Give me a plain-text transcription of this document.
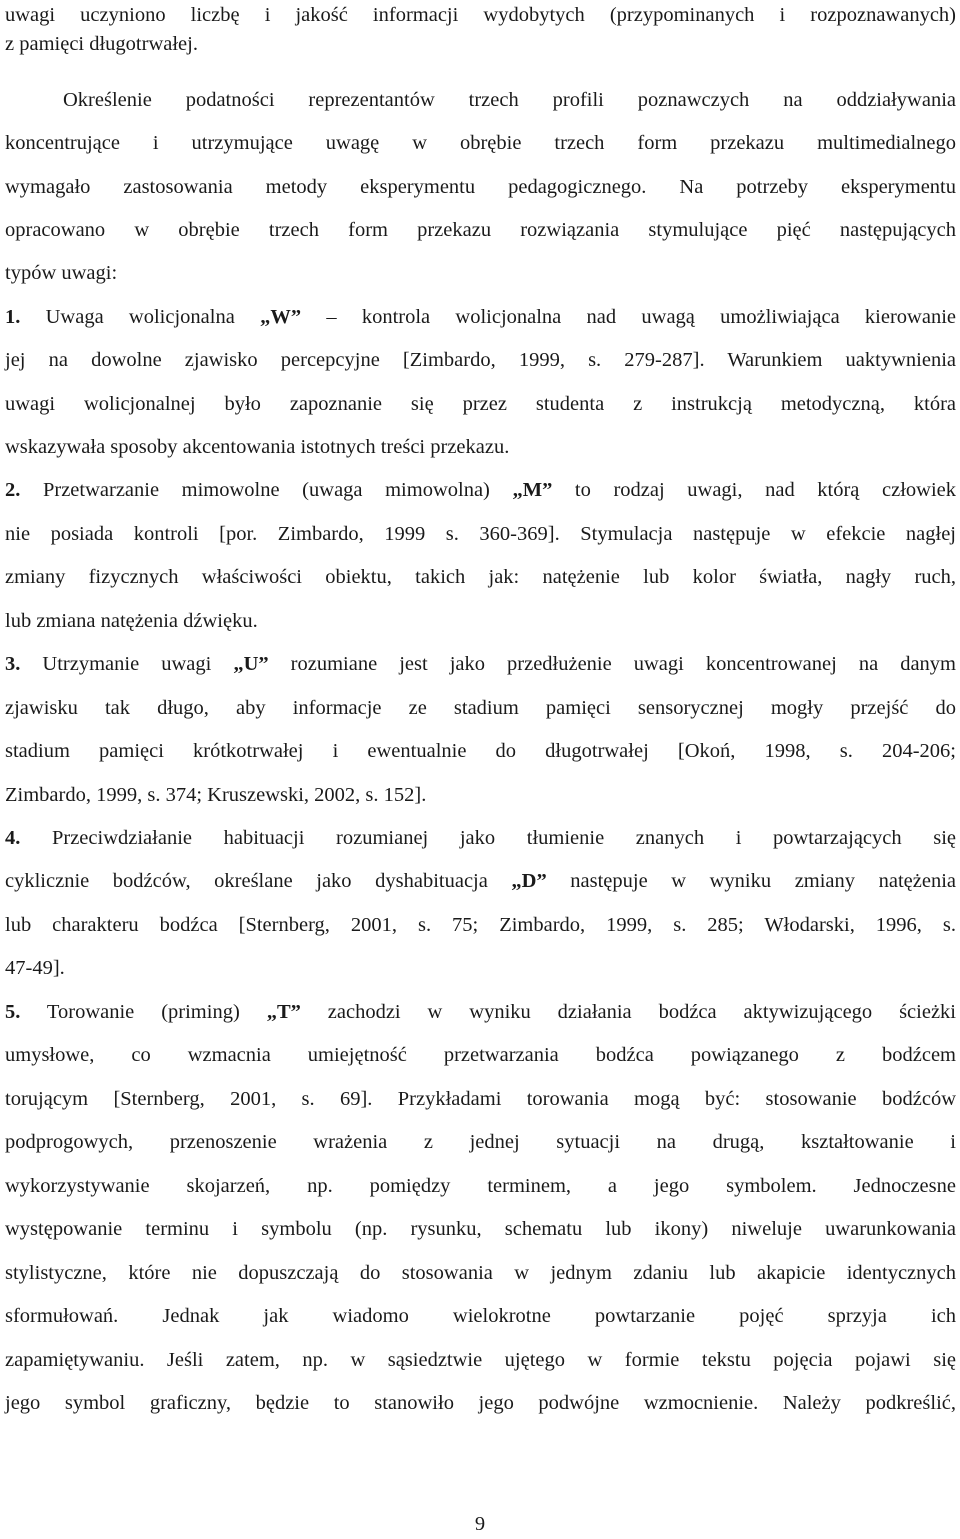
uwagi uczyniono liczbę i jakość informacji wydobytych (przypominanych i rozpoznawanych)
z pamięci długotrwałej.
Określenie podatności reprezentantów trzech profili poznawczych na oddziaływania
koncentrujące i utrzymujące uwagę w obrębie trzech form przekazu multimedialnego
wymagało zastosowania metody eksperymentu pedagogicznego. Na potrzeby eksperymentu
opracowano w obrębie trzech form przekazu rozwiązania stymulujące pięć następujących
typów uwagi:
1. Uwaga wolicjonalna „W” – kontrola wolicjonalna nad uwagą umożliwiająca kierowanie
jej na dowolne zjawisko percepcyjne [Zimbardo, 1999, s. 279-287]. Warunkiem uaktywnienia
uwagi wolicjonalnej było zapoznanie się przez studenta z instrukcją metodyczną, która
wskazywała sposoby akcentowania istotnych treści przekazu.
2. Przetwarzanie mimowolne (uwaga mimowolna) „M” to rodzaj uwagi, nad którą człowiek
nie posiada kontroli [por. Zimbardo, 1999 s. 360-369]. Stymulacja następuje w efekcie nagłej
zmiany fizycznych właściwości obiektu, takich jak: natężenie lub kolor światła, nagły ruch,
lub zmiana natężenia dźwięku.
3. Utrzymanie uwagi „U” rozumiane jest jako przedłużenie uwagi koncentrowanej na danym
zjawisku tak długo, aby informacje ze stadium pamięci sensorycznej mogły przejść do
stadium pamięci krótkotrwałej i ewentualnie do długotrwałej [Okoń, 1998, s. 204-206;
Zimbardo, 1999, s. 374; Kruszewski, 2002, s. 152].
4. Przeciwdziałanie habituacji rozumianej jako tłumienie znanych i powtarzających się
cyklicznie bodźców, określane jako dyshabituacja „D” następuje w wyniku zmiany natężenia
lub charakteru bodźca [Sternberg, 2001, s. 75; Zimbardo, 1999, s. 285; Włodarski, 1996, s.
47-49].
5. Torowanie (priming) „T” zachodzi w wyniku działania bodźca aktywizującego ścieżki
umysłowe, co wzmacnia umiejętność przetwarzania bodźca powiązanego z bodźcem
torującym [Sternberg, 2001, s. 69]. Przykładami torowania mogą być: stosowanie bodźców
podprogowych, przenoszenie wrażenia z jednej sytuacji na drugą, kształtowanie i
wykorzystywanie skojarzeń, np. pomiędzy terminem, a jego symbolem. Jednoczesne
występowanie terminu i symbolu (np. rysunku, schematu lub ikony) niweluje uwarunkowania
stylistyczne, które nie dopuszczają do stosowania w jednym zdaniu lub akapicie identycznych
sformułowań. Jednak jak wiadomo wielokrotne powtarzanie pojęć sprzyja ich
zapamiętywaniu. Jeśli zatem, np. w sąsiedztwie ujętego w formie tekstu pojęcia pojawi się
jego symbol graficzny, będzie to stanowiło jego podwójne wzmocnienie. Należy podkreślić,
9
